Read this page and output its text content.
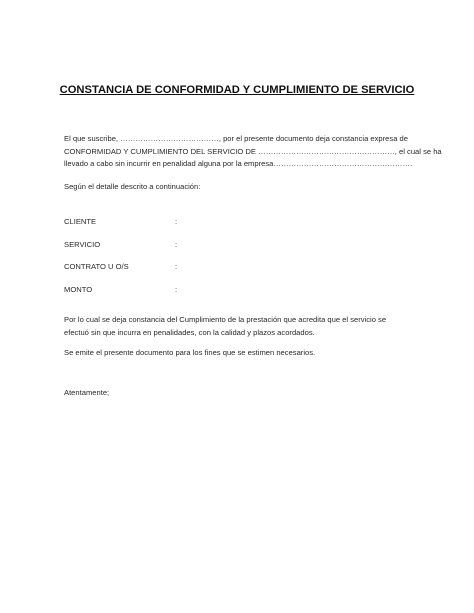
CONSTANCIA DE CONFORMIDAD Y CUMPLIMIENTO DE SERVICIO
El que suscribe, …………………………………, por el presente documento deja constancia expresa de
CONFORMIDAD Y CUMPLIMIENTO DEL SERVICIO DE ………………………………………………, el cual se ha
llevado a cabo sin incurrir en penalidad alguna por la empresa……………………………………………….
Según el detalle descrito a continuación:
CLIENTE	:
SERVICIO	:
CONTRATO U O/S	:
MONTO	:
Por lo cual se deja constancia del Cumplimiento de la prestación que acredita que el servicio se
efectuó sin que incurra en penalidades, con la calidad y plazos acordados.
Se emite el presente documento para los fines que se estimen necesarios.
Atentamente;
